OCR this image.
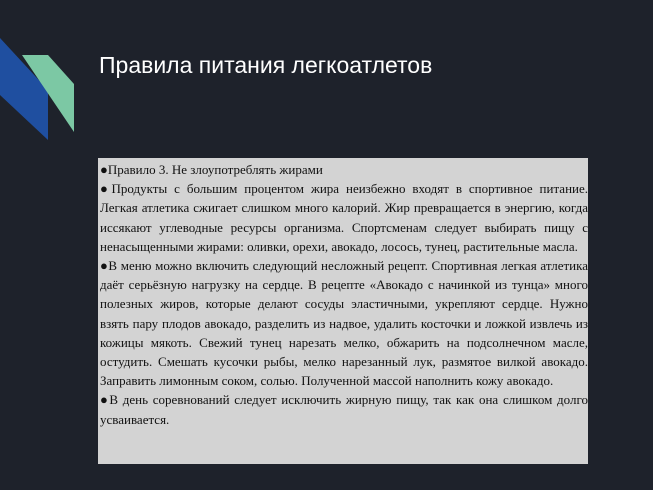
Правила питания легкоатлетов

●Правило 3. Не злоупотреблять жирами

●Продукты с большим процентом жира неизбежно входят в спортивное питание. Легкая атлетика сжигает слишком много калорий. Жир превращается в энергию, когда иссякают углеводные ресурсы организма. Спортсменам следует выбирать пищу с ненасыщенными жирами: оливки, орехи, авокадо, лосось, тунец, растительные масла.

●В меню можно включить следующий несложный рецепт. Спортивная легкая атлетика даёт серьёзную нагрузку на сердце. В рецепте «Авокадо с начинкой из тунца» много полезных жиров, которые делают сосуды эластичными, укрепляют сердце. Нужно взять пару плодов авокадо, разделить из надвое, удалить косточки и ложкой извлечь из кожицы мякоть. Свежий тунец нарезать мелко, обжарить на подсолнечном масле, остудить. Смешать кусочки рыбы, мелко нарезанный лук, размятое вилкой авокадо. Заправить лимонным соком, солью. Полученной массой наполнить кожу авокадо.

●В день соревнований следует исключить жирную пищу, так как она слишком долго усваивается.
